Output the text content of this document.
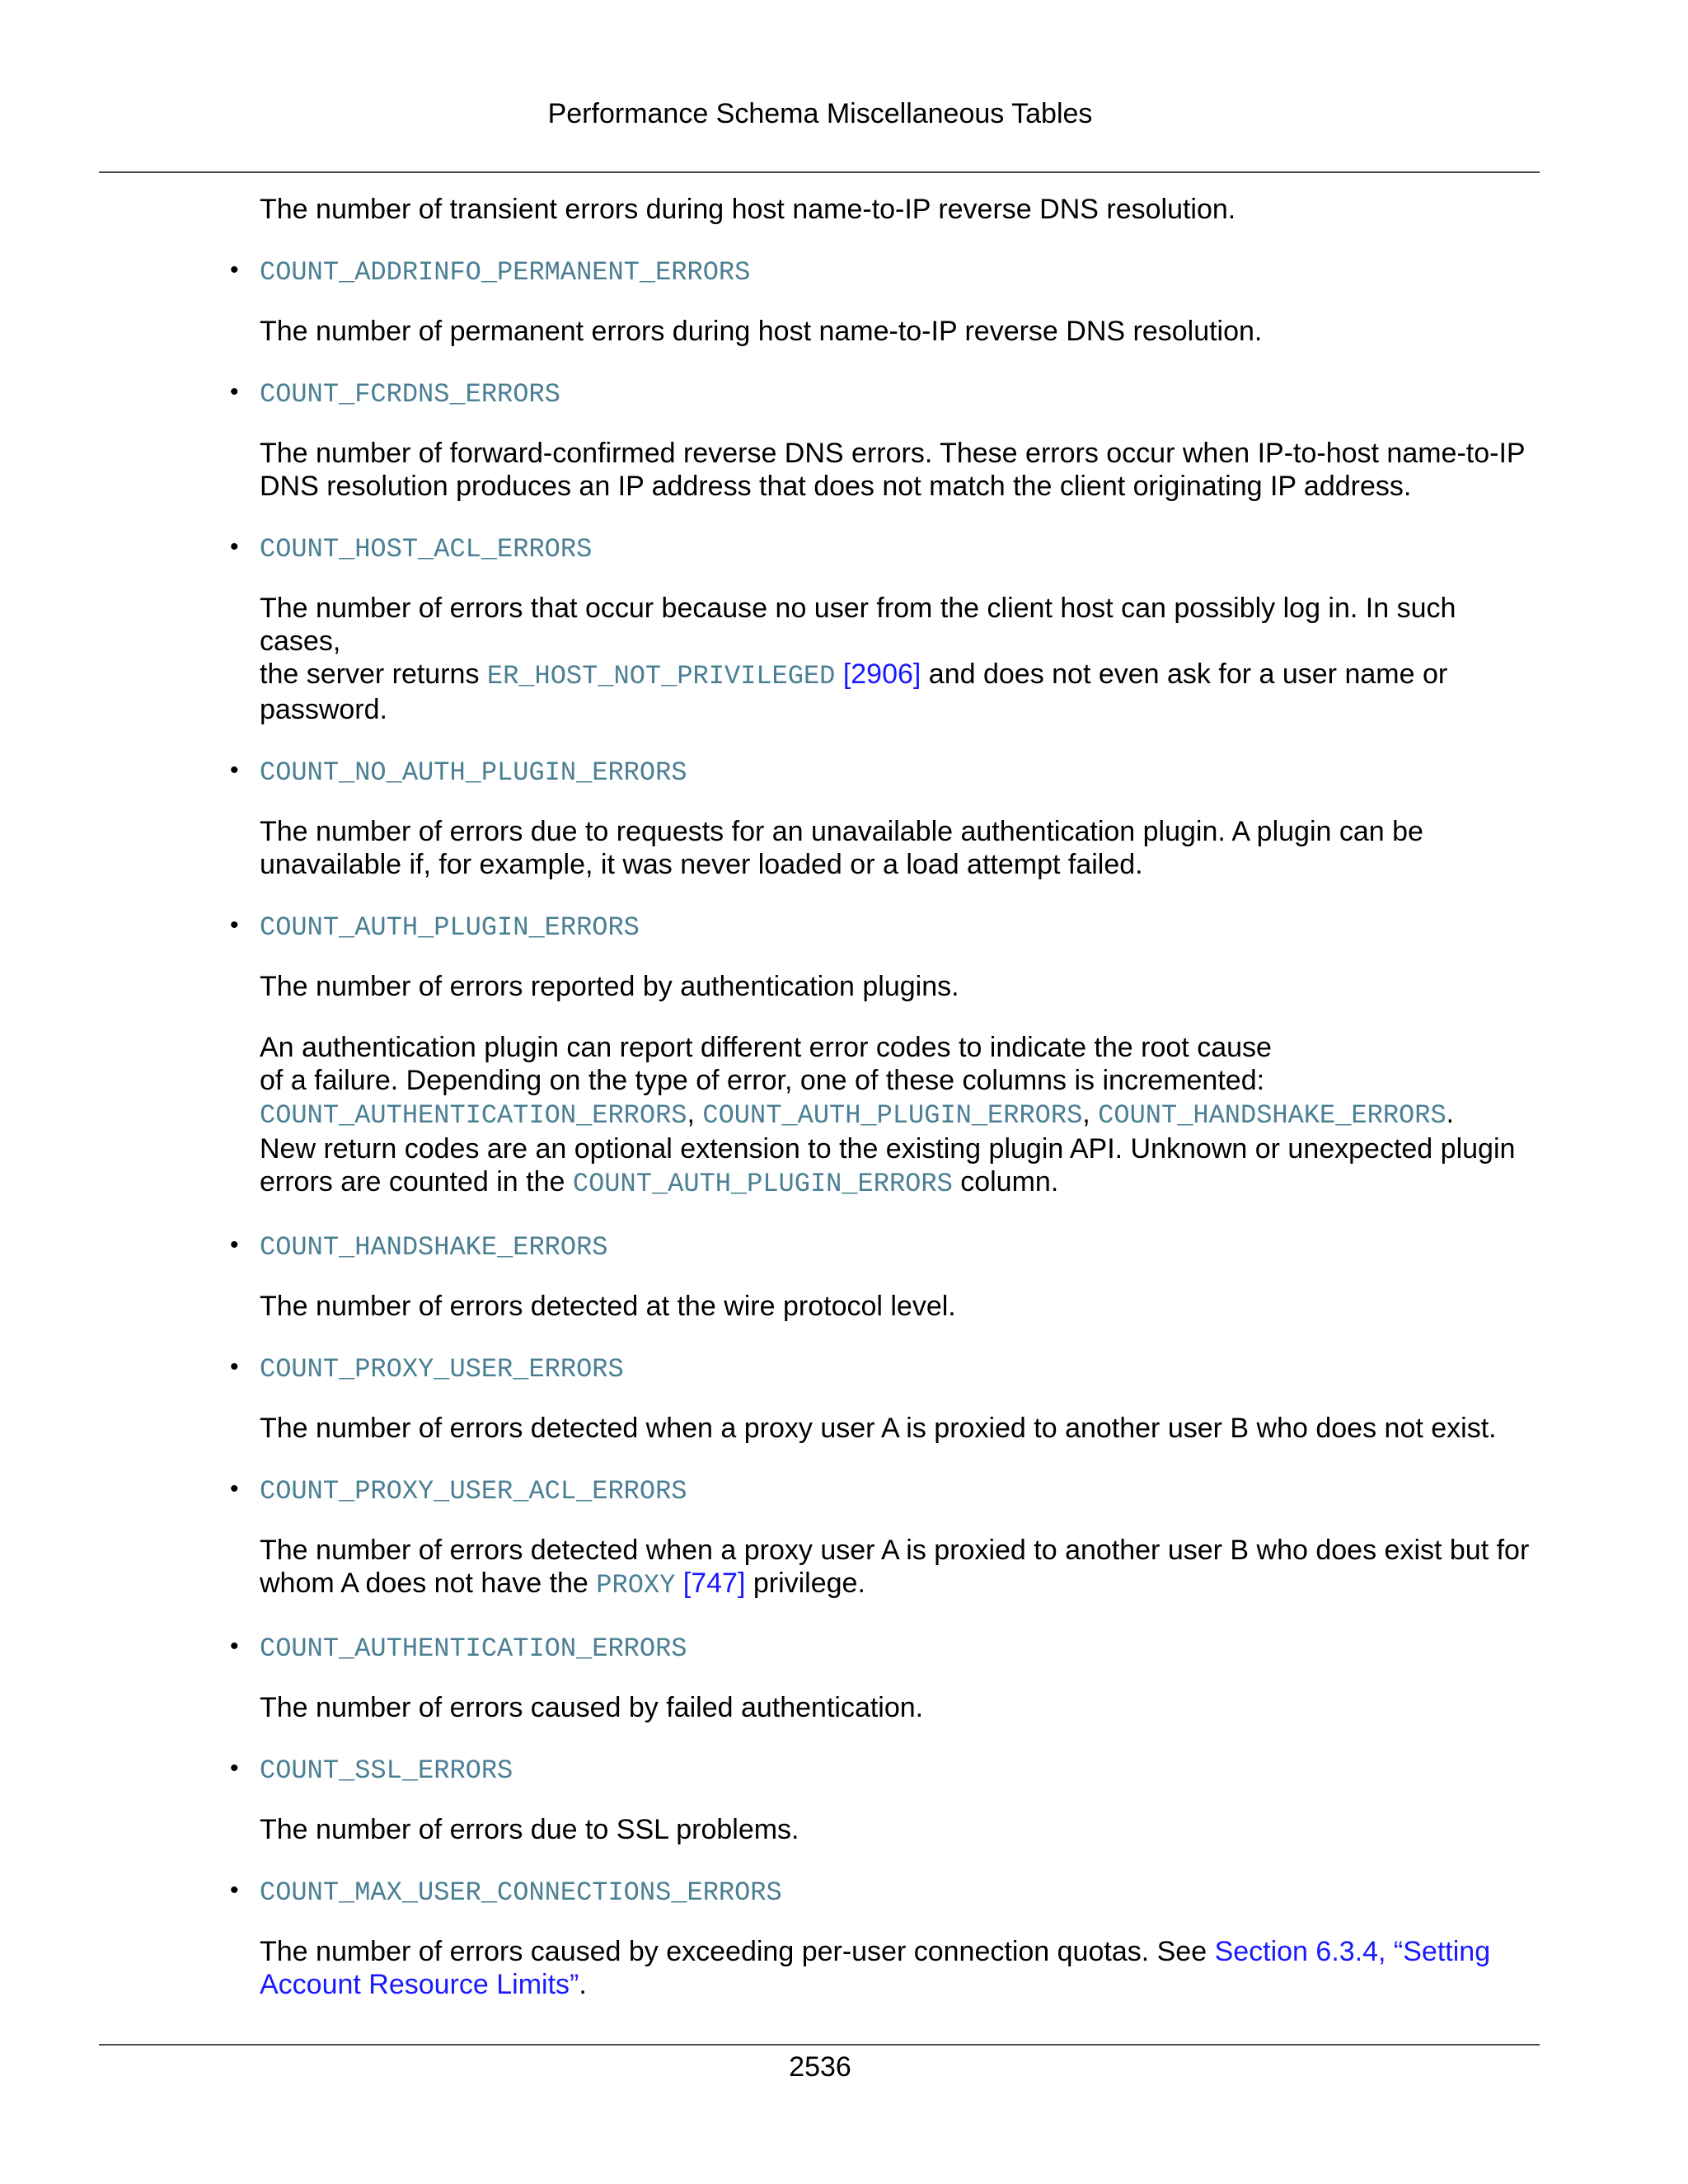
Performance Schema Miscellaneous Tables

The number of transient errors during host name-to-IP reverse DNS resolution.

• COUNT_ADDRINFO_PERMANENT_ERRORS

The number of permanent errors during host name-to-IP reverse DNS resolution.

• COUNT_FCRDNS_ERRORS

The number of forward-confirmed reverse DNS errors. These errors occur when IP-to-host name-to-IP
DNS resolution produces an IP address that does not match the client originating IP address.

• COUNT_HOST_ACL_ERRORS

The number of errors that occur because no user from the client host can possibly log in. In such cases,
the server returns ER_HOST_NOT_PRIVILEGED [2906] and does not even ask for a user name or
password.

• COUNT_NO_AUTH_PLUGIN_ERRORS

The number of errors due to requests for an unavailable authentication plugin. A plugin can be
unavailable if, for example, it was never loaded or a load attempt failed.

• COUNT_AUTH_PLUGIN_ERRORS

The number of errors reported by authentication plugins.

An authentication plugin can report different error codes to indicate the root cause
of a failure. Depending on the type of error, one of these columns is incremented:
COUNT_AUTHENTICATION_ERRORS, COUNT_AUTH_PLUGIN_ERRORS, COUNT_HANDSHAKE_ERRORS.
New return codes are an optional extension to the existing plugin API. Unknown or unexpected plugin
errors are counted in the COUNT_AUTH_PLUGIN_ERRORS column.

• COUNT_HANDSHAKE_ERRORS

The number of errors detected at the wire protocol level.

• COUNT_PROXY_USER_ERRORS

The number of errors detected when a proxy user A is proxied to another user B who does not exist.

• COUNT_PROXY_USER_ACL_ERRORS

The number of errors detected when a proxy user A is proxied to another user B who does exist but for
whom A does not have the PROXY [747] privilege.

• COUNT_AUTHENTICATION_ERRORS

The number of errors caused by failed authentication.

• COUNT_SSL_ERRORS

The number of errors due to SSL problems.

• COUNT_MAX_USER_CONNECTIONS_ERRORS

The number of errors caused by exceeding per-user connection quotas. See Section 6.3.4, “Setting
Account Resource Limits”.

2536
